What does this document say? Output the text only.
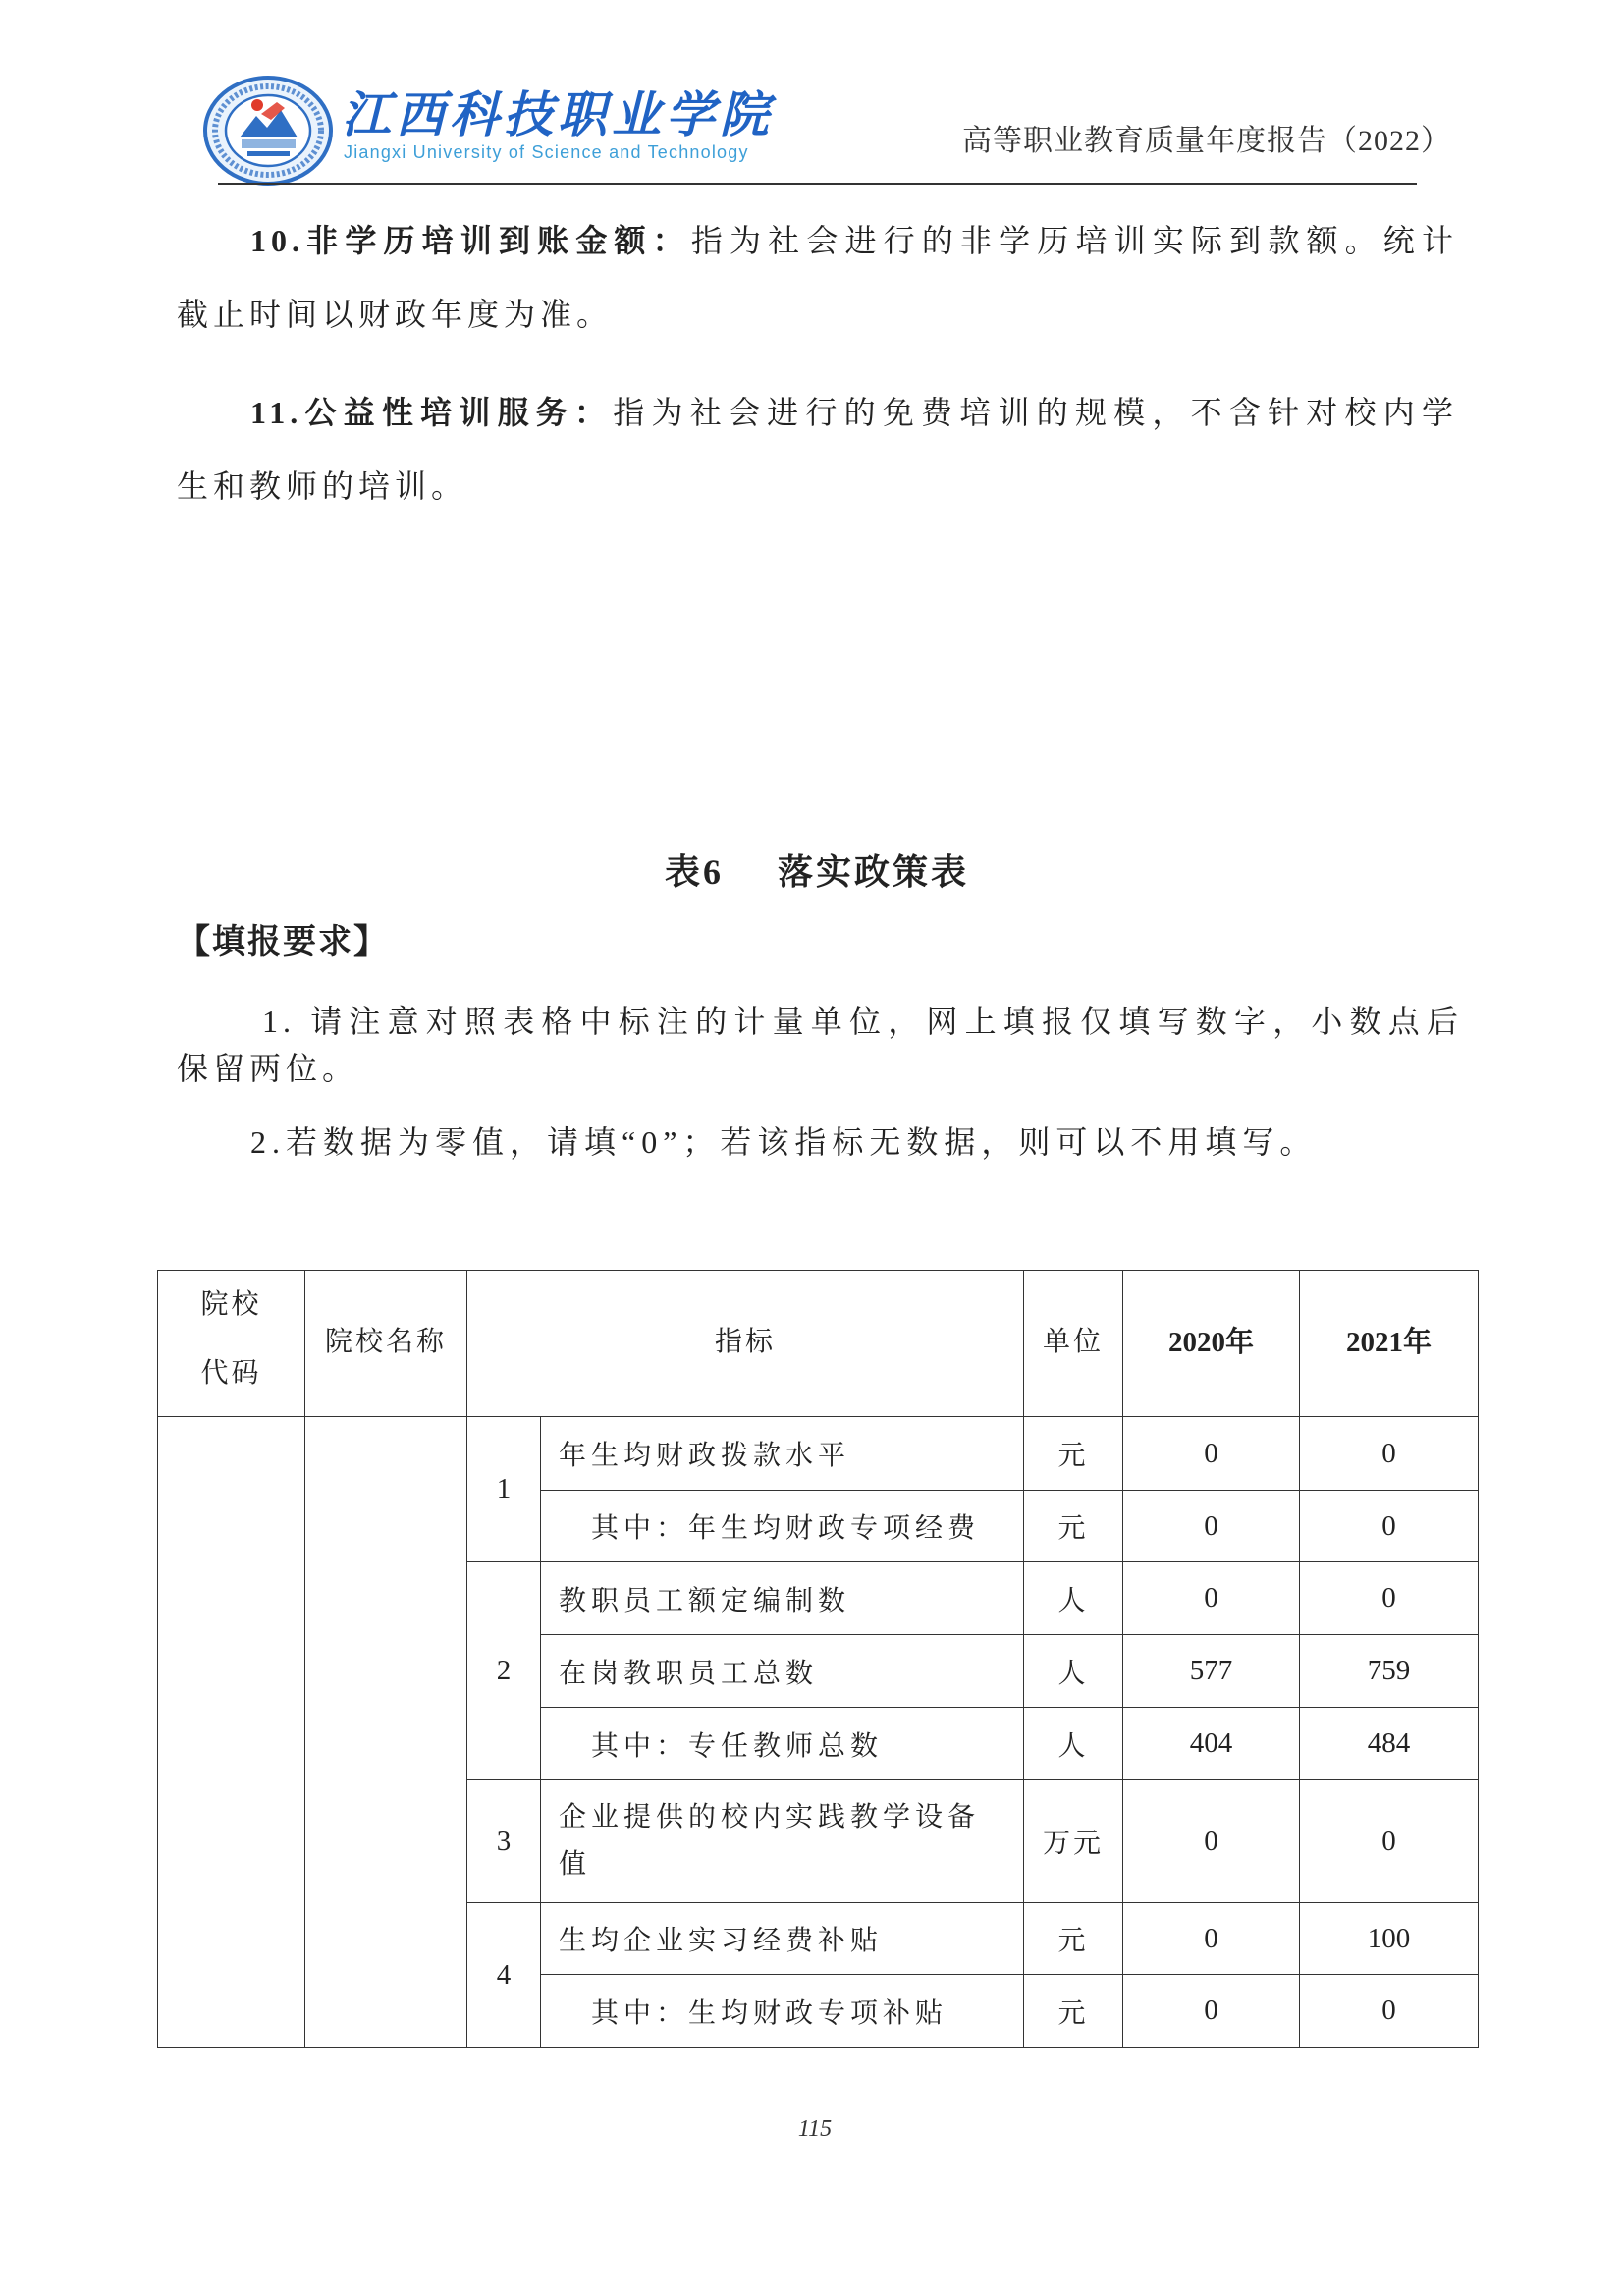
江西科技职业学院
Jiangxi University of Science and Technology	高等职业教育质量年度报告（2022）
10.非学历培训到账金额：指为社会进行的非学历培训实际到款额。统计
截止时间以财政年度为准。
11.公益性培训服务：指为社会进行的免费培训的规模，不含针对校内学
生和教师的培训。
表6 落实政策表
【填报要求】
1. 请注意对照表格中标注的计量单位，网上填报仅填写数字，小数点后
保留两位。
2.若数据为零值，请填“0”；若该指标无数据，则可以不用填写。
院校
代码	院校名称	指标		单位	2020年	2021年
		1	年生均财政拨款水平	元	0	0
			其中：年生均财政专项经费	元	0	0
		2	教职员工额定编制数	人	0	0
			在岗教职员工总数	人	577	759
			其中：专任教师总数	人	404	484
		3	企业提供的校内实践教学设备
值	万元	0	0
		4	生均企业实习经费补贴	元	0	100
			其中：生均财政专项补贴	元	0	0
115
